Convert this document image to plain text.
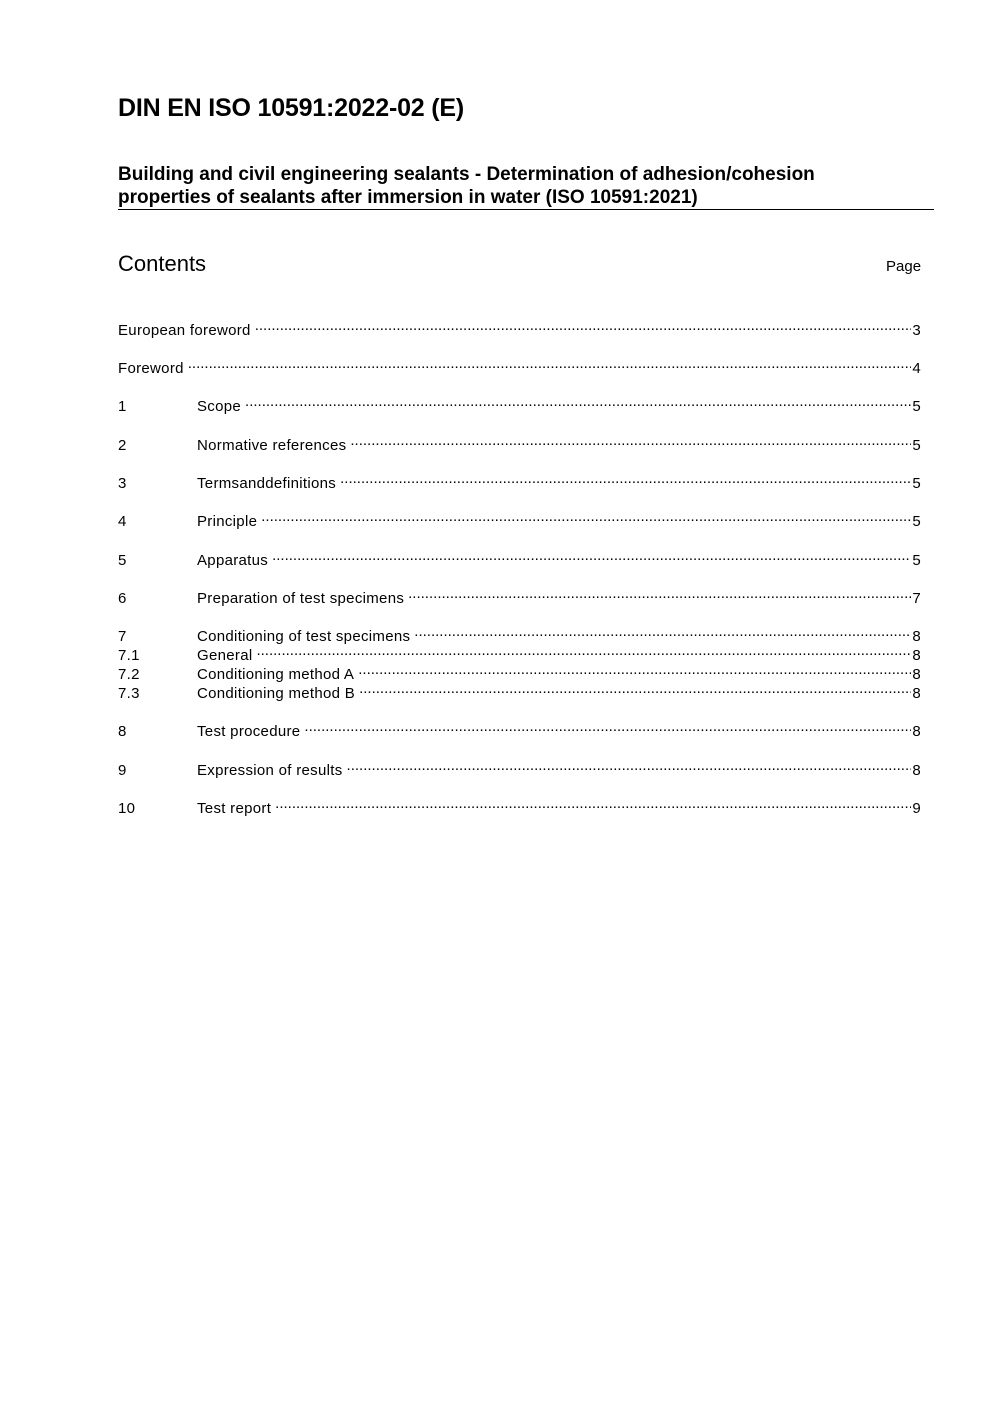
DIN EN ISO 10591:2022-02 (E)
Building and civil engineering sealants - Determination of adhesion/cohesion
properties of sealants after immersion in water (ISO 10591:2021)
Contents	Page
European foreword .....	3
Foreword .....	4
1	Scope .....	5
2	Normative references .....	5
3	Termsanddefinitions .....	5
4	Principle .....	5
5	Apparatus .....	5
6	Preparation of test specimens .....	7
7	Conditioning of test specimens .....	8
7.1	General .....	8
7.2	Conditioning method A .....	8
7.3	Conditioning method B .....	8
8	Test procedure .....	8
9	Expression of results .....	8
10	Test report .....	9
